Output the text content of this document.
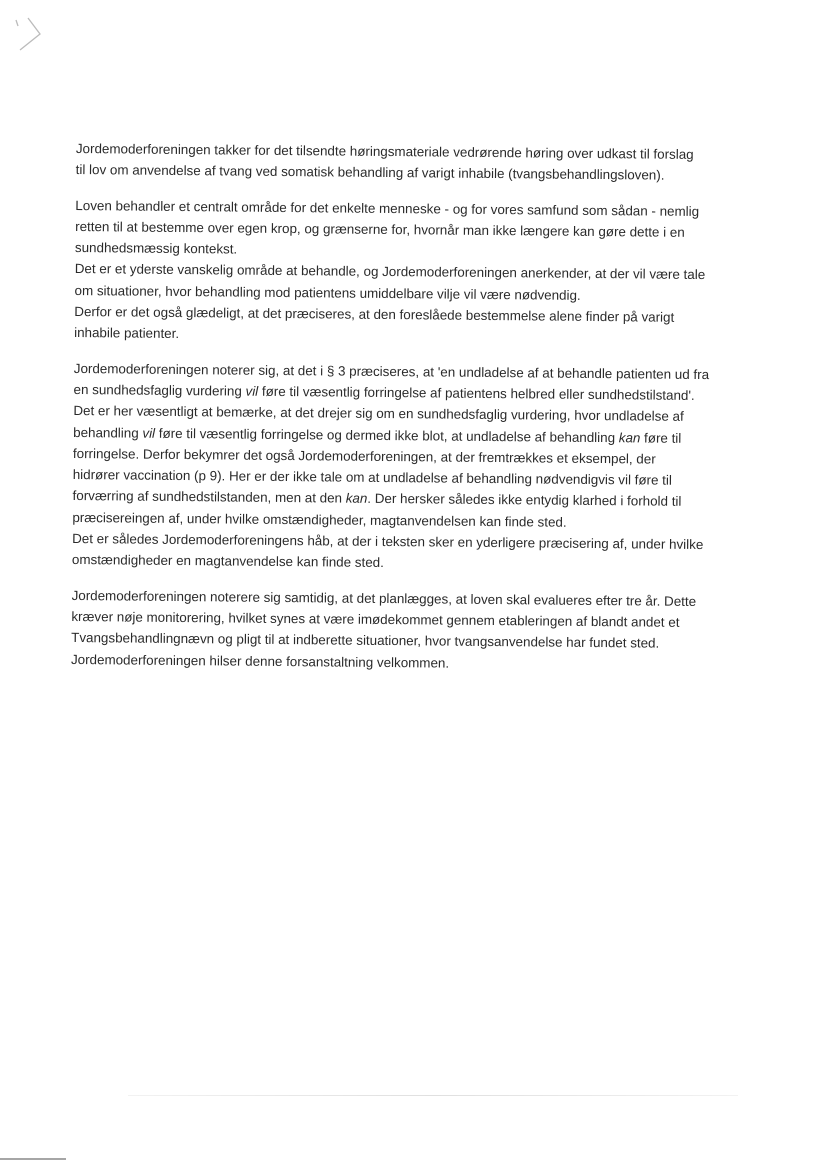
Jordemoderforeningen takker for det tilsendte høringsmateriale vedrørende høring over udkast til forslag
til lov om anvendelse af tvang ved somatisk behandling af varigt inhabile (tvangsbehandlingsloven).
Loven behandler et centralt område for det enkelte menneske - og for vores samfund som sådan - nemlig
retten til at bestemme over egen krop, og grænserne for, hvornår man ikke længere kan gøre dette i en
sundhedsmæssig kontekst.
Det er et yderste vanskelig område at behandle, og Jordemoderforeningen anerkender, at der vil være tale
om situationer, hvor behandling mod patientens umiddelbare vilje vil være nødvendig.
Derfor er det også glædeligt, at det præciseres, at den foreslåede bestemmelse alene finder på varigt
inhabile patienter.
Jordemoderforeningen noterer sig, at det i § 3 præciseres, at 'en undladelse af at behandle patienten ud fra
en sundhedsfaglig vurdering vil føre til væsentlig forringelse af patientens helbred eller sundhedstilstand'.
Det er her væsentligt at bemærke, at det drejer sig om en sundhedsfaglig vurdering, hvor undladelse af
behandling vil føre til væsentlig forringelse og dermed ikke blot, at undladelse af behandling kan føre til
forringelse. Derfor bekymrer det også Jordemoderforeningen, at der fremtrækkes et eksempel, der
hidrører vaccination (p 9). Her er der ikke tale om at undladelse af behandling nødvendigvis vil føre til
forværring af sundhedstilstanden, men at den kan. Der hersker således ikke entydig klarhed i forhold til
præcisereingen af, under hvilke omstændigheder, magtanvendelsen kan finde sted.
Det er således Jordemoderforeningens håb, at der i teksten sker en yderligere præcisering af, under hvilke
omstændigheder en magtanvendelse kan finde sted.
Jordemoderforeningen noterere sig samtidig, at det planlægges, at loven skal evalueres efter tre år. Dette
kræver nøje monitorering, hvilket synes at være imødekommet gennem etableringen af blandt andet et
Tvangsbehandlingnævn og pligt til at indberette situationer, hvor tvangsanvendelse har fundet sted.
Jordemoderforeningen hilser denne forsanstaltning velkommen.
